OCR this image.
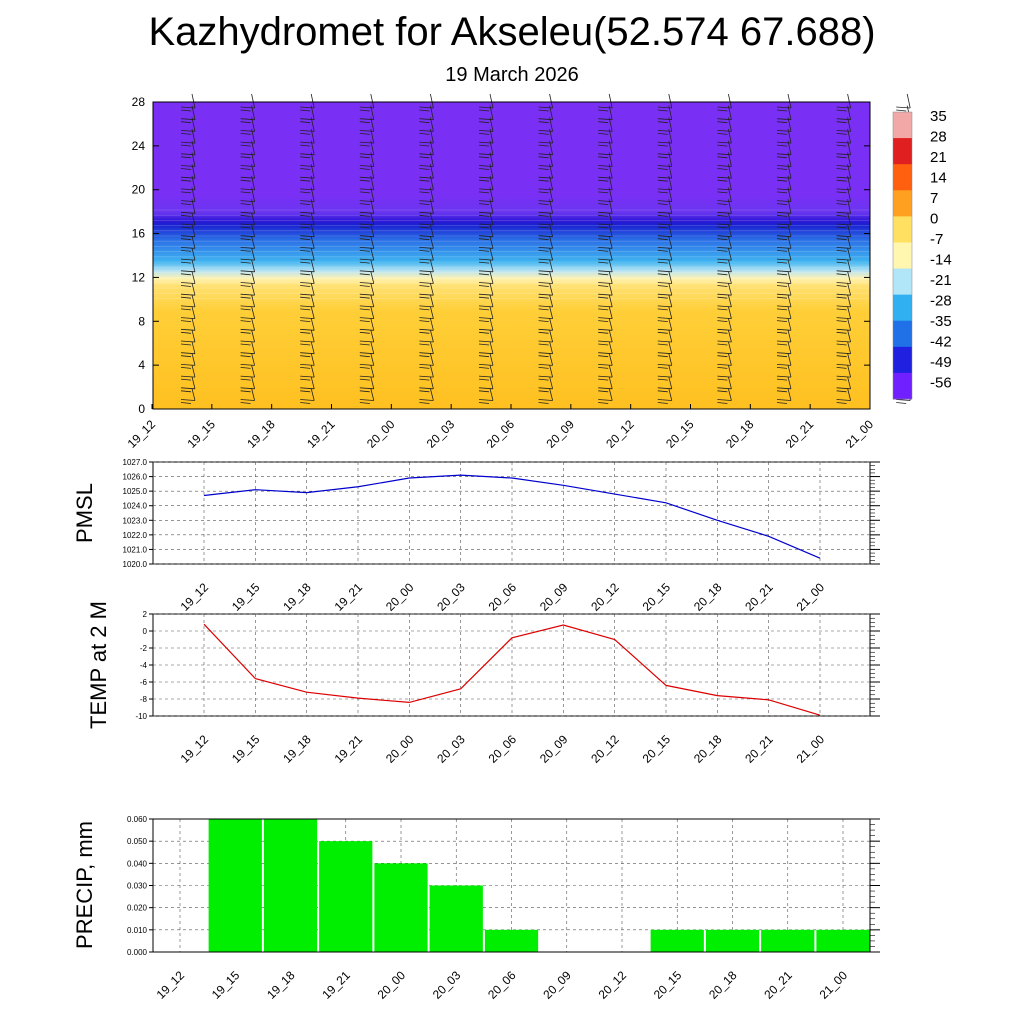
Kazhydromet for Akseleu(52.574 67.688)
19 March 2026
0
4
8
12
16
20
24
28
19_12 19_15 19_18 19_21 20_00 20_03 20_06 20_09 20_12 20_15 20_18 20_21 21_00
35
28
21
14
7
0
-7
-14
-21
-28
-35
-42
-49
-56
1020.0
1021.0
1022.0
1023.0
1024.0
1025.0
1026.0
1027.0
19_12 19_15 19_18 19_21 20_00 20_03 20_06 20_09 20_12 20_15 20_18 20_21 21_00
PMSL
-10
-8
-6
-4
-2
0
2
19_12 19_15 19_18 19_21 20_00 20_03 20_06 20_09 20_12 20_15 20_18 20_21 21_00
TEMP at 2 M
0.000
0.010
0.020
0.030
0.040
0.050
0.060
19_12 19_15 19_18 19_21 20_00 20_03 20_06 20_09 20_12 20_15 20_18 20_21 21_00
PRECIP, mm
